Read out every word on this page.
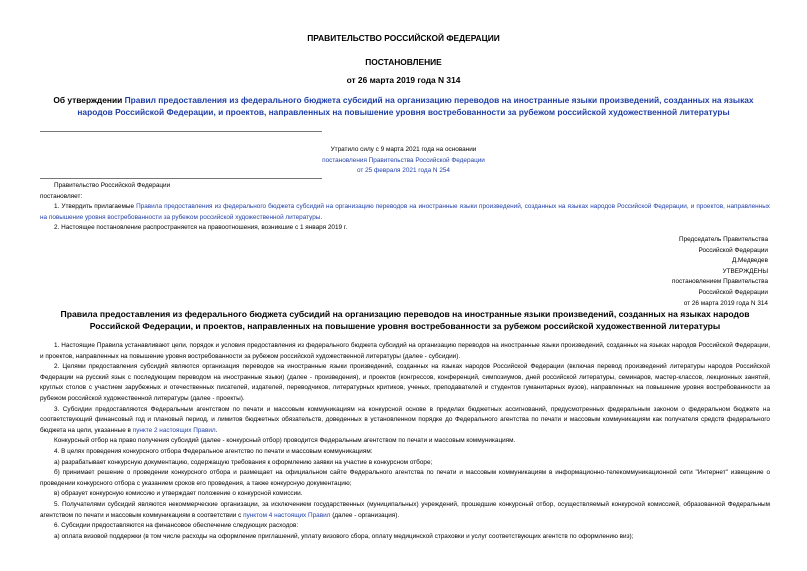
ПРАВИТЕЛЬСТВО РОССИЙСКОЙ ФЕДЕРАЦИИ
ПОСТАНОВЛЕНИЕ
от 26 марта 2019 года N 314
Об утверждении Правил предоставления из федерального бюджета субсидий на организацию переводов на иностранные языки произведений, созданных на языках народов Российской Федерации, и проектов, направленных на повышение уровня востребованности за рубежом российской художественной литературы
Утратило силу с 9 марта 2021 года на основании
постановления Правительства Российской Федерации
от 25 февраля 2021 года N 254

Правительство Российской Федерации

постановляет:

1. Утвердить прилагаемые Правила предоставления из федерального бюджета субсидий на организацию переводов на иностранные языки произведений, созданных на языках народов Российской Федерации, и проектов, направленных на повышение уровня востребованности за рубежом российской художественной литературы.

2. Настоящее постановление распространяется на правоотношения, возникшие с 1 января 2019 г.

Председатель Правительства
Российской Федерации
Д.Медведев
УТВЕРЖДЕНЫ
постановлением Правительства
Российской Федерации
от 26 марта 2019 года N 314
Правила предоставления из федерального бюджета субсидий на организацию переводов на иностранные языки произведений, созданных на языках народов Российской Федерации, и проектов, направленных на повышение уровня востребованности за рубежом российской художественной литературы

1. Настоящие Правила устанавливают цели, порядок и условия предоставления из федерального бюджета субсидий на организацию переводов на иностранные языки произведений, созданных на языках народов Российской Федерации, и проектов, направленных на повышение уровня востребованности за рубежом российской художественной литературы (далее - субсидии).

2. Целями предоставления субсидий являются организация переводов на иностранные языки произведений, созданных на языках народов Российской Федерации (включая перевод произведений литературы народов Российской Федерации на русский язык с последующим переводом на иностранные языки) (далее - произведения), и проектов (конгрессов, конференций, симпозиумов, дней российской литературы, семинаров, мастер-классов, лекционных занятий, круглых столов с участием зарубежных и отечественных писателей, издателей, переводчиков, литературных критиков, ученых, преподавателей и студентов гуманитарных вузов), направленных на повышение уровня востребованности за рубежом российской художественной литературы (далее - проекты).

3. Субсидии предоставляются Федеральным агентством по печати и массовым коммуникациям на конкурсной основе в пределах бюджетных ассигнований, предусмотренных федеральным законом о федеральном бюджете на соответствующий финансовый год и плановый период, и лимитов бюджетных обязательств, доведенных в установленном порядке до Федерального агентства по печати и массовым коммуникациям как получателя средств федерального бюджета на цели, указанные в пункте 2 настоящих Правил.

Конкурсный отбор на право получения субсидий (далее - конкурсный отбор) проводится Федеральным агентством по печати и массовым коммуникациям.

4. В целях проведения конкурсного отбора Федеральное агентство по печати и массовым коммуникациям:

а) разрабатывает конкурсную документацию, содержащую требования к оформлению заявки на участие в конкурсном отборе;

б) принимает решение о проведении конкурсного отбора и размещает на официальном сайте Федерального агентства по печати и массовым коммуникациям в информационно-телекоммуникационной сети "Интернет" извещение о проведении конкурсного отбора с указанием сроков его проведения, а также конкурсную документацию;

в) образует конкурсную комиссию и утверждает положение о конкурсной комиссии.

5. Получателями субсидий являются некоммерческие организации, за исключением государственных (муниципальных) учреждений, прошедшие конкурсный отбор, осуществляемый конкурсной комиссией, образованной Федеральным агентством по печати и массовым коммуникациям в соответствии с пунктом 4 настоящих Правил (далее - организация).

6. Субсидии предоставляются на финансовое обеспечение следующих расходов:

а) оплата визовой поддержки (в том числе расходы на оформление приглашений, уплату визового сбора, оплату медицинской страховки и услуг соответствующих агентств по оформлению виз);
